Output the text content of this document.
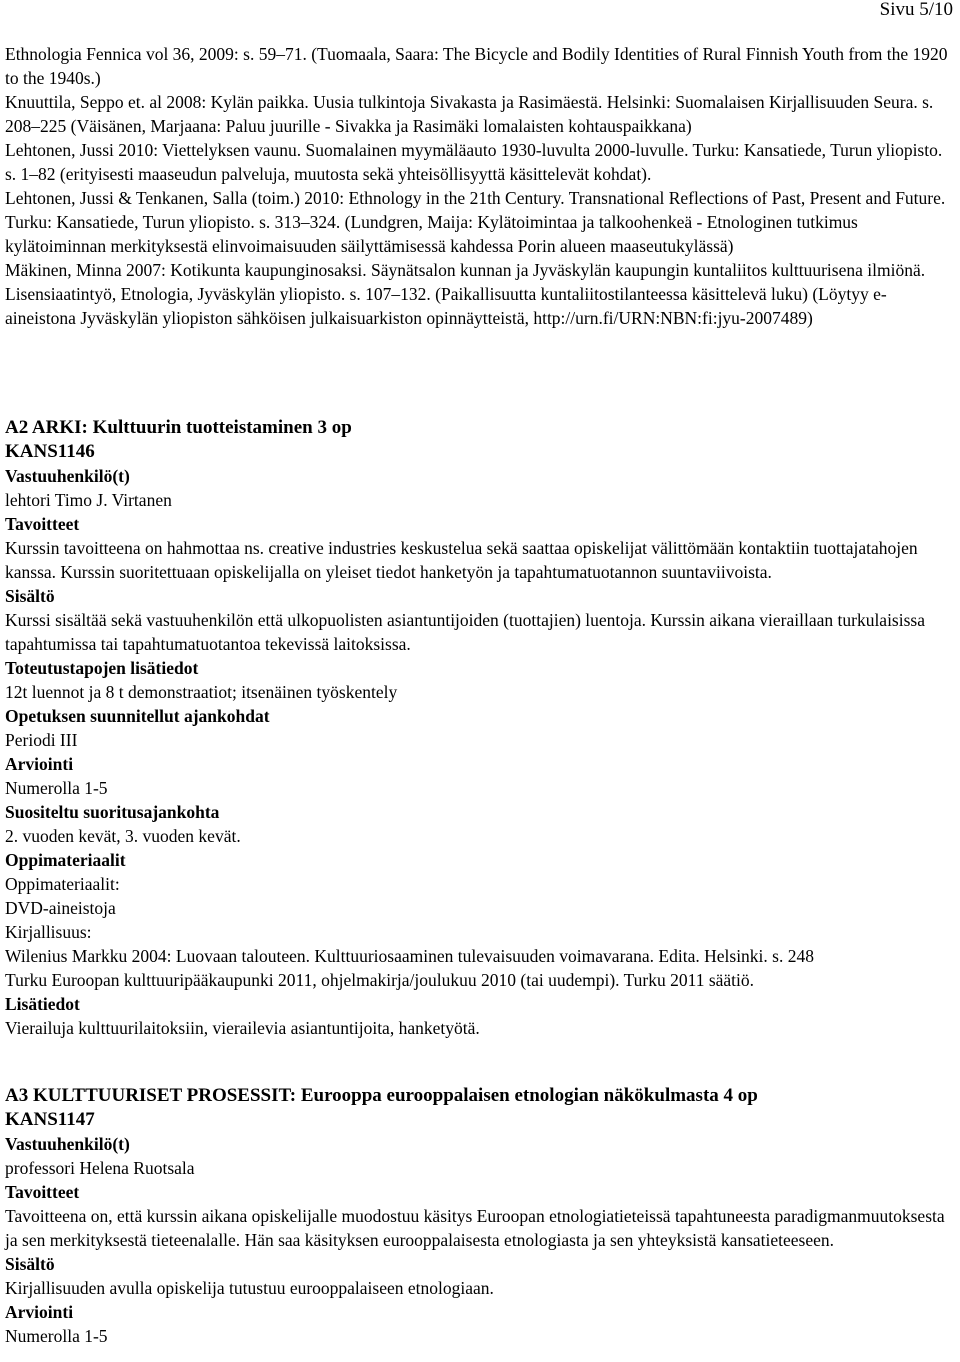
Sivu 5/10

Ethnologia Fennica vol 36, 2009: s. 59–71. (Tuomaala, Saara: The Bicycle and Bodily Identities of Rural Finnish Youth from the 1920 to the 1940s.)

Knuuttila, Seppo et. al 2008: Kylän paikka. Uusia tulkintoja Sivakasta ja Rasimäestä. Helsinki: Suomalaisen Kirjallisuuden Seura. s. 208–225 (Väisänen, Marjaana: Paluu juurille - Sivakka ja Rasimäki lomalaisten kohtauspaikkana)

Lehtonen, Jussi 2010: Viettelyksen vaunu. Suomalainen myymäläauto 1930-luvulta 2000-luvulle. Turku: Kansatiede, Turun yliopisto. s. 1–82 (erityisesti maaseudun palveluja, muutosta sekä yhteisöllisyyttä käsittelevät kohdat).

Lehtonen, Jussi & Tenkanen, Salla (toim.) 2010: Ethnology in the 21th Century. Transnational Reflections of Past, Present and Future. Turku: Kansatiede, Turun yliopisto. s. 313–324. (Lundgren, Maija: Kylätoimintaa ja talkoohenkeä - Etnologinen tutkimus kylätoiminnan merkityksestä elinvoimaisuuden säilyttämisessä kahdessa Porin alueen maaseutukylässä)

Mäkinen, Minna 2007: Kotikunta kaupunginosaksi. Säynätsalon kunnan ja Jyväskylän kaupungin kuntaliitos kulttuurisena ilmiönä. Lisensiaatintyö, Etnologia, Jyväskylän yliopisto. s. 107–132. (Paikallisuutta kuntaliitostilanteessa käsittelevä luku) (Löytyy e-aineistona Jyväskylän yliopiston sähköisen julkaisuarkiston opinnäytteistä, http://urn.fi/URN:NBN:fi:jyu-2007489)

A2 ARKI: Kulttuurin tuotteistaminen 3 op

KANS1146

Vastuuhenkilö(t)

lehtori Timo J. Virtanen

Tavoitteet

Kurssin tavoitteena on hahmottaa ns. creative industries keskustelua sekä saattaa opiskelijat välittömään kontaktiin tuottajatahojen kanssa. Kurssin suoritettuaan opiskelijalla on yleiset tiedot hanketyön ja tapahtumatuotannon suuntaviivoista.

Sisältö

Kurssi sisältää sekä vastuuhenkilön että ulkopuolisten asiantuntijoiden (tuottajien) luentoja. Kurssin aikana vieraillaan turkulaisissa tapahtumissa tai tapahtumatuotantoa tekevissä laitoksissa.

Toteutustapojen lisätiedot

12t luennot ja 8 t demonstraatiot; itsenäinen työskentely

Opetuksen suunnitellut ajankohdat

Periodi III

Arviointi

Numerolla 1-5

Suositeltu suoritusajankohta

2. vuoden kevät, 3. vuoden kevät.

Oppimateriaalit

Oppimateriaalit:

DVD-aineistoja

Kirjallisuus:

Wilenius Markku 2004: Luovaan talouteen. Kulttuuriosaaminen tulevaisuuden voimavarana. Edita. Helsinki. s. 248

Turku Euroopan kulttuuripääkaupunki 2011, ohjelmakirja/joulukuu 2010 (tai uudempi). Turku 2011 säätiö.

Lisätiedot

Vierailuja kulttuurilaitoksiin, vierailevia asiantuntijoita, hanketyötä.

A3 KULTTUURISET PROSESSIT: Eurooppa eurooppalaisen etnologian näkökulmasta 4 op

KANS1147

Vastuuhenkilö(t)

professori Helena Ruotsala

Tavoitteet

Tavoitteena on, että kurssin aikana opiskelijalle muodostuu käsitys Euroopan etnologiatieteissä tapahtuneesta paradigmanmuutoksesta ja sen merkityksestä tieteenalalle. Hän saa käsityksen eurooppalaisesta etnologiasta ja sen yhteyksistä kansatieteeseen.

Sisältö

Kirjallisuuden avulla opiskelija tutustuu eurooppalaiseen etnologiaan.

Arviointi

Numerolla 1-5
